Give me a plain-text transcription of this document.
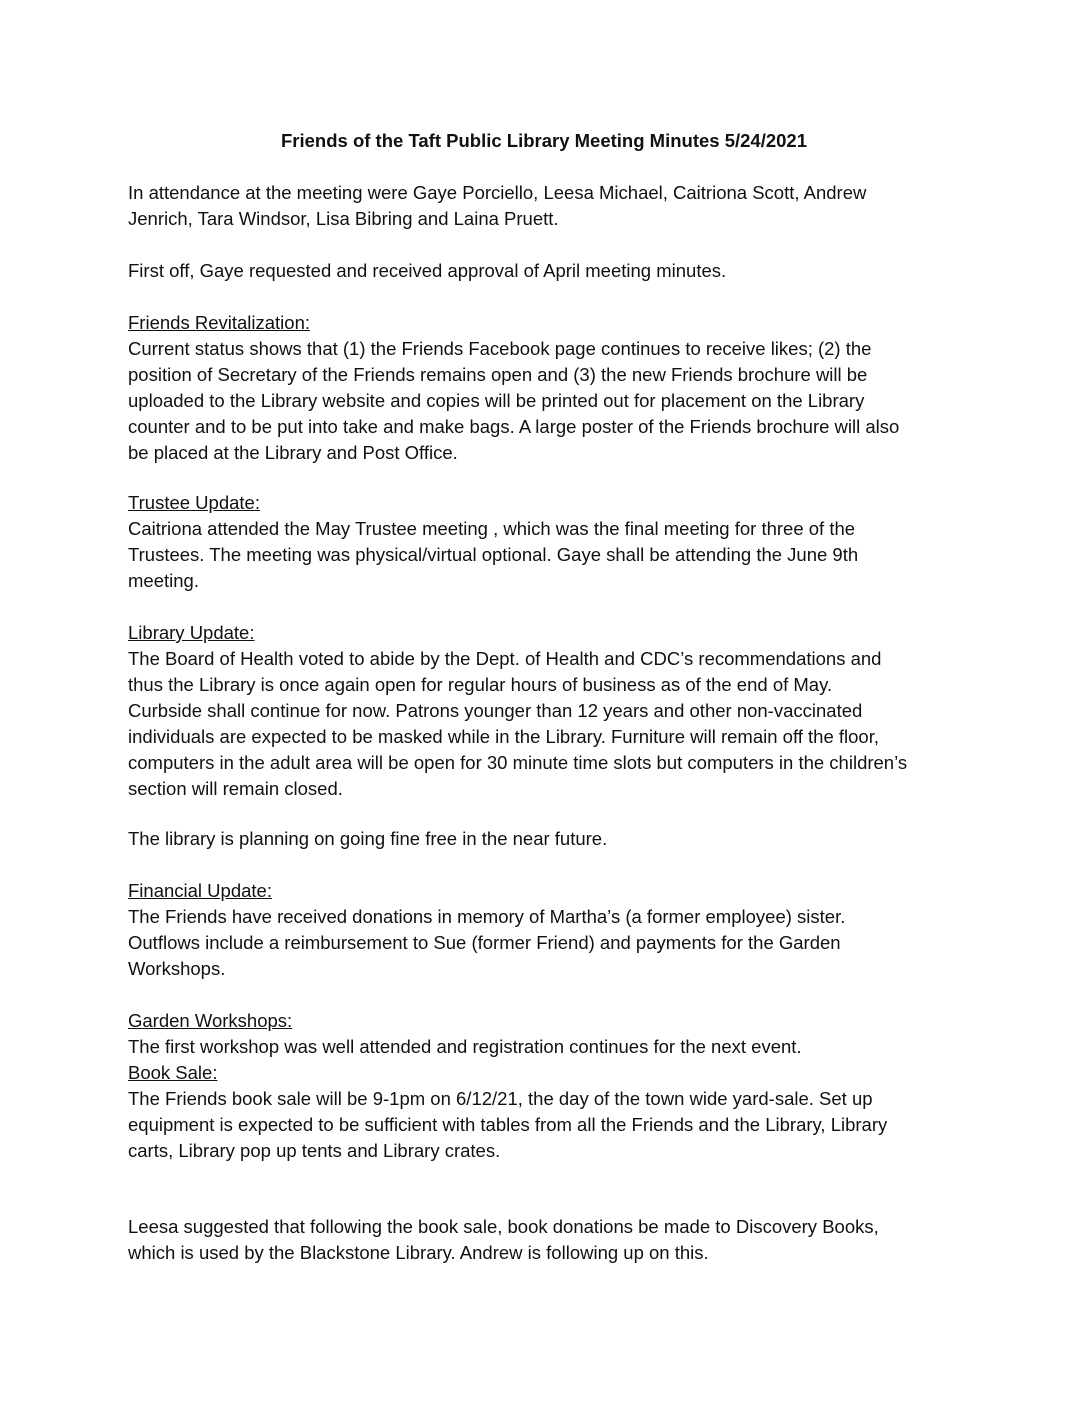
Friends of the Taft Public Library Meeting Minutes 5/24/2021

In attendance at the meeting were Gaye Porciello, Leesa Michael, Caitriona Scott, Andrew
Jenrich, Tara Windsor, Lisa Bibring and Laina Pruett.

First off, Gaye requested and received approval of April meeting minutes.

Friends Revitalization:
Current status shows that (1) the Friends Facebook page continues to receive likes; (2) the
position of Secretary of the Friends remains open and (3) the new Friends brochure will be
uploaded to the Library website and copies will be printed out for placement on the Library
counter and to be put into take and make bags. A large poster of the Friends brochure will also
be placed at the Library and Post Office.

Trustee Update:
Caitriona attended the May Trustee meeting , which was the final meeting for three of the
Trustees. The meeting was physical/virtual optional. Gaye shall be attending the June 9th
meeting.

Library Update:
The Board of Health voted to abide by the Dept. of Health and CDC’s recommendations and
thus the Library is once again open for regular hours of business as of the end of May.
Curbside shall continue for now. Patrons younger than 12 years and other non-vaccinated
individuals are expected to be masked while in the Library. Furniture will remain off the floor,
computers in the adult area will be open for 30 minute time slots but computers in the children’s
section will remain closed.

The library is planning on going fine free in the near future.

Financial Update:
The Friends have received donations in memory of Martha’s (a former employee) sister.
Outflows include a reimbursement to Sue (former Friend) and payments for the Garden
Workshops.

Garden Workshops:
The first workshop was well attended and registration continues for the next event.

Book Sale:
The Friends book sale will be 9-1pm on 6/12/21, the day of the town wide yard-sale. Set up
equipment is expected to be sufficient with tables from all the Friends and the Library, Library
carts, Library pop up tents and Library crates.

Leesa suggested that following the book sale, book donations be made to Discovery Books,
which is used by the Blackstone Library. Andrew is following up on this.
